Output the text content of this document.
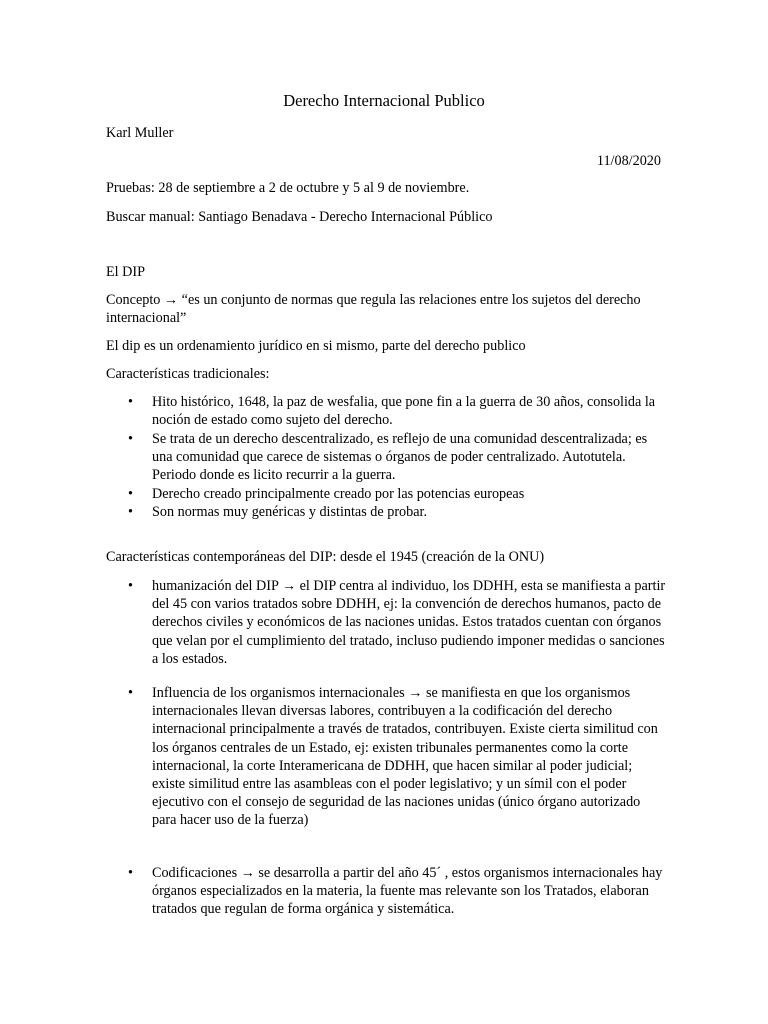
Derecho Internacional Publico
Karl Muller
11/08/2020
Pruebas: 28 de septiembre a 2 de octubre y 5 al 9 de noviembre.
Buscar manual: Santiago Benadava - Derecho Internacional Público
El DIP
Concepto → “es un conjunto de normas que regula las relaciones entre los sujetos del derecho internacional”
El dip es un ordenamiento jurídico en si mismo, parte del derecho publico
Características tradicionales:
• Hito histórico, 1648, la paz de wesfalia, que pone fin a la guerra de 30 años, consolida la noción de estado como sujeto del derecho.
• Se trata de un derecho descentralizado, es reflejo de una comunidad descentralizada; es una comunidad que carece de sistemas o órganos de poder centralizado. Autotutela. Periodo donde es licito recurrir a la guerra.
• Derecho creado principalmente creado por las potencias europeas
• Son normas muy genéricas y distintas de probar.
Características contemporáneas del DIP: desde el 1945 (creación de la ONU)
• humanización del DIP → el DIP centra al individuo, los DDHH, esta se manifiesta a partir del 45 con varios tratados sobre DDHH, ej: la convención de derechos humanos, pacto de derechos civiles y económicos de las naciones unidas. Estos tratados cuentan con órganos que velan por el cumplimiento del tratado, incluso pudiendo imponer medidas o sanciones a los estados.
• Influencia de los organismos internacionales → se manifiesta en que los organismos internacionales llevan diversas labores, contribuyen a la codificación del derecho internacional principalmente a través de tratados, contribuyen. Existe cierta similitud con los órganos centrales de un Estado, ej: existen tribunales permanentes como la corte internacional, la corte Interamericana de DDHH, que hacen similar al poder judicial; existe similitud entre las asambleas con el poder legislativo; y un símil con el poder ejecutivo con el consejo de seguridad de las naciones unidas (único órgano autorizado para hacer uso de la fuerza)
• Codificaciones → se desarrolla a partir del año 45´ , estos organismos internacionales hay órganos especializados en la materia, la fuente mas relevante son los Tratados, elaboran tratados que regulan de forma orgánica y sistemática.
